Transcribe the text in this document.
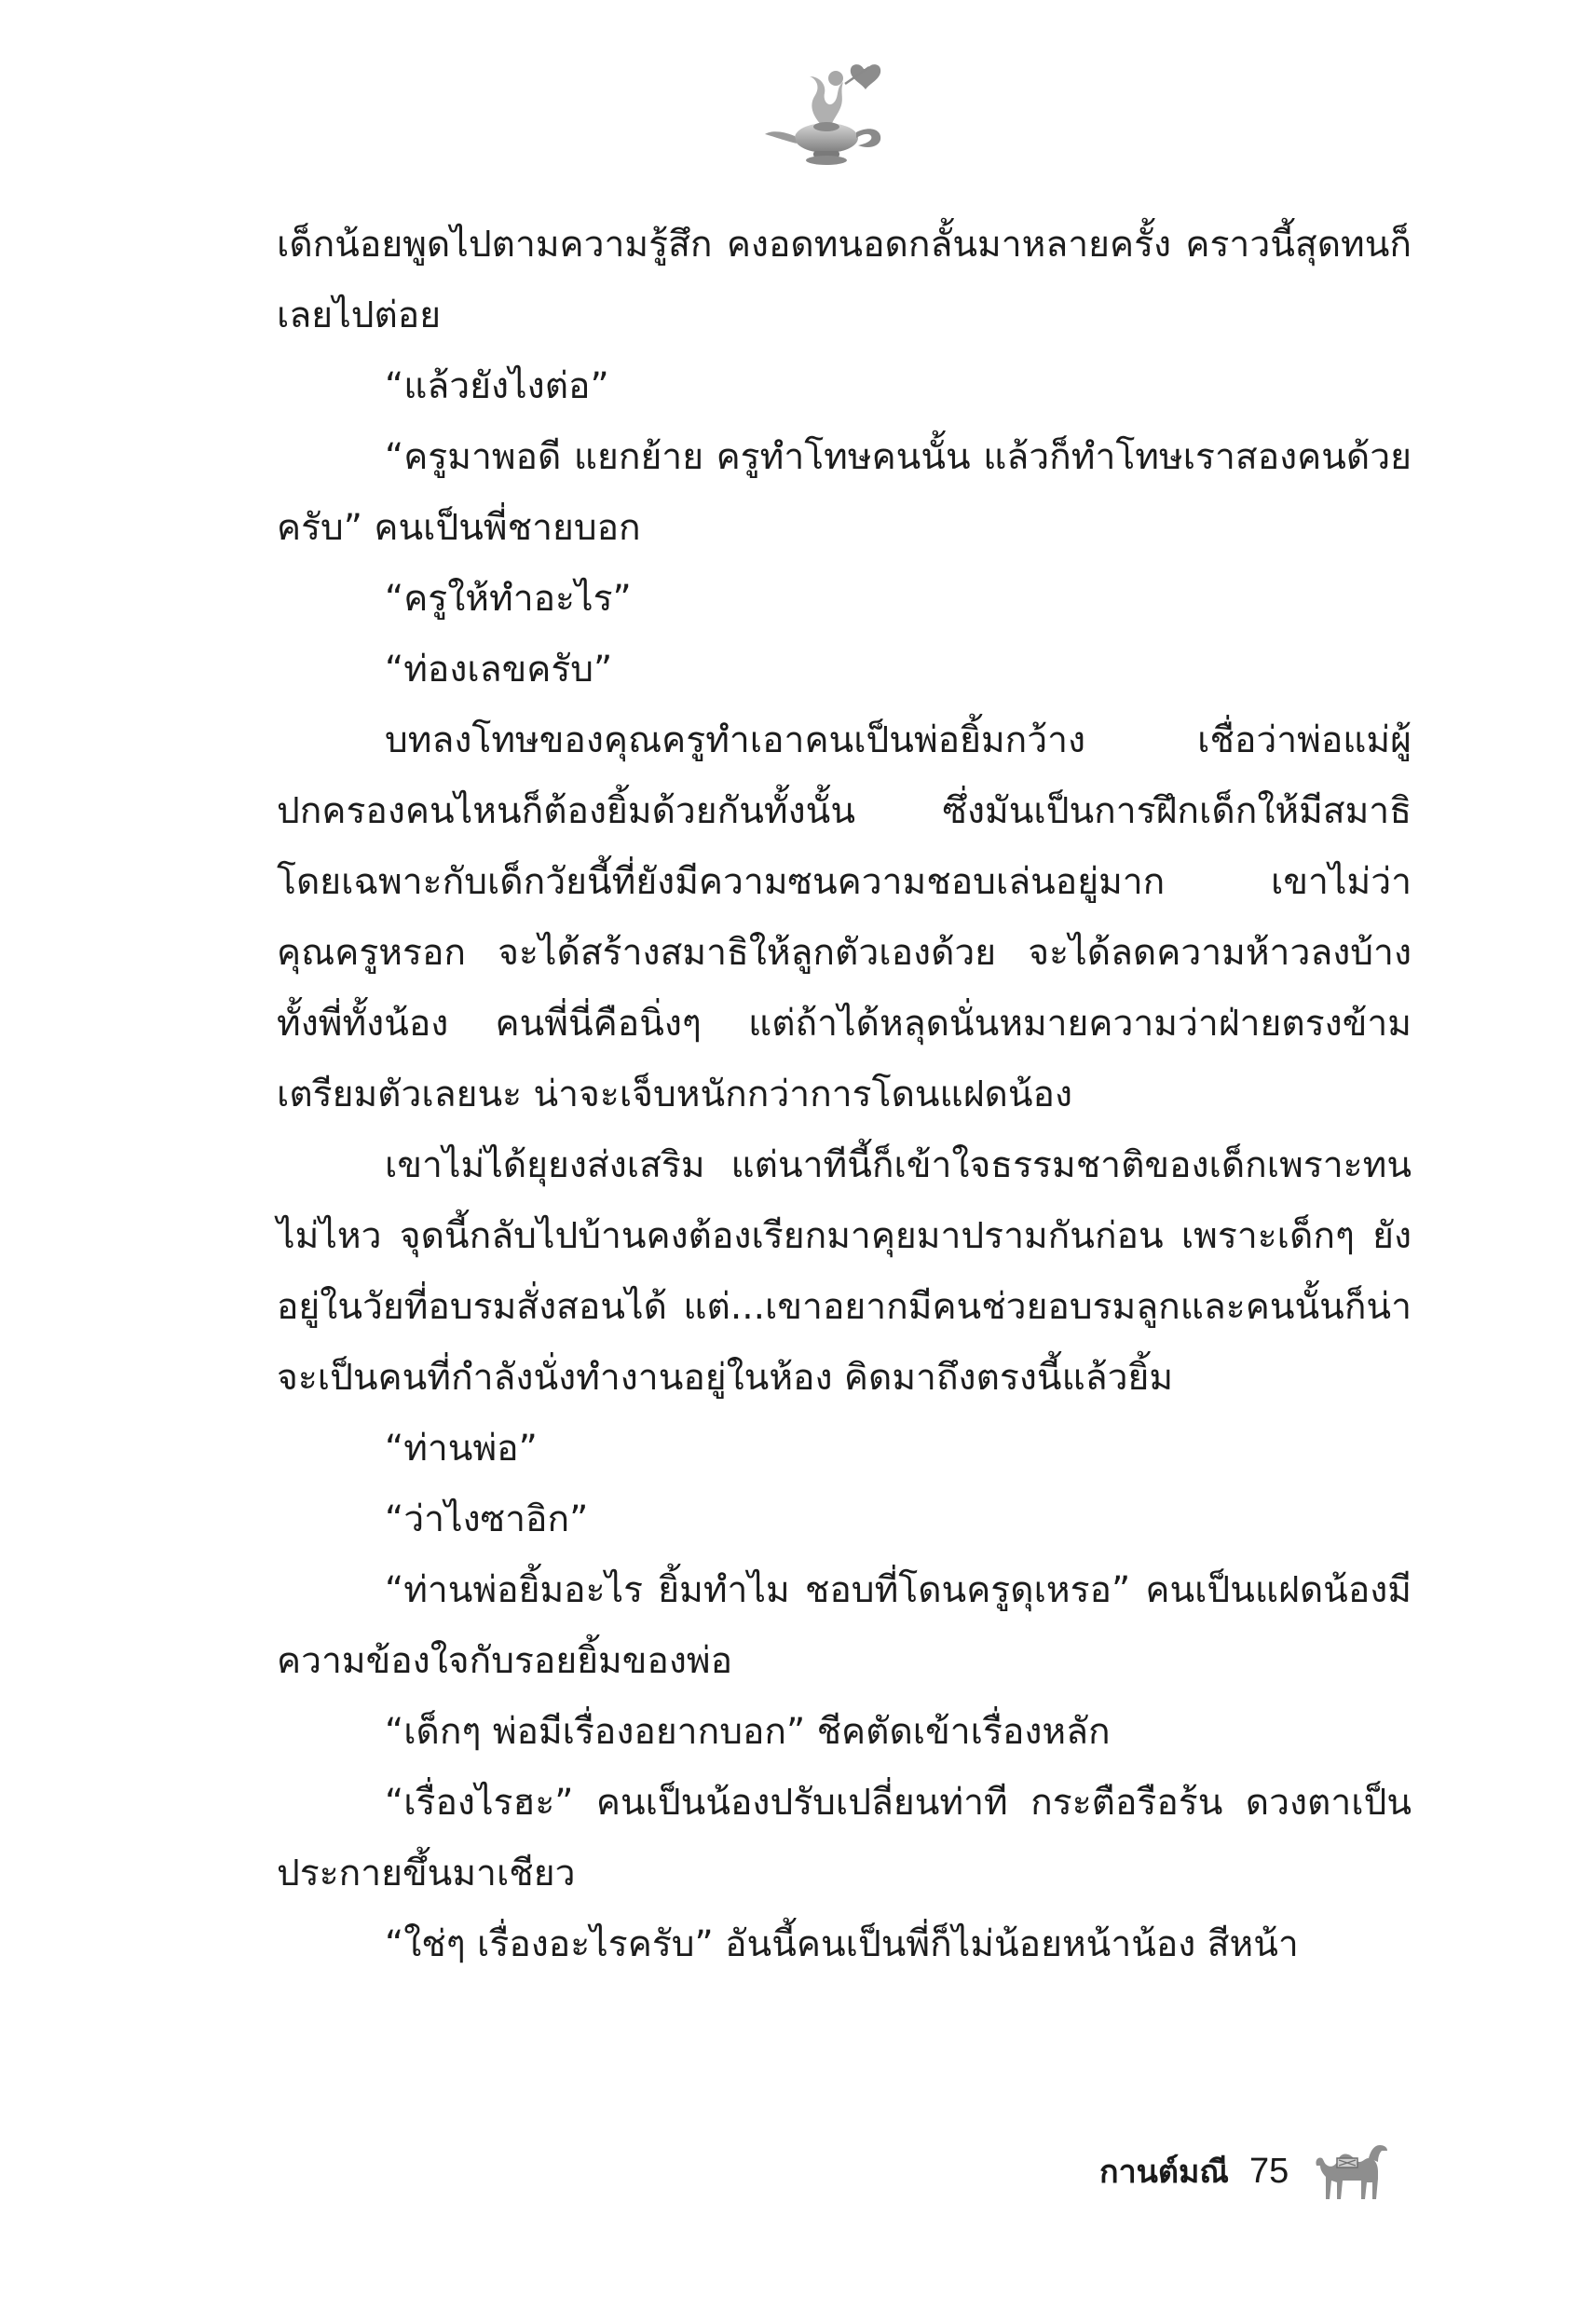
เด็กน้อยพูดไปตามความรู้สึก คงอดทนอดกลั้นมาหลายครั้ง คราวนี้สุดทนก็เลยไปต่อย

“แล้วยังไงต่อ”

“ครูมาพอดี แยกย้าย ครูทำโทษคนนั้น แล้วก็ทำโทษเราสองคนด้วยครับ” คนเป็นพี่ชายบอก

“ครูให้ทำอะไร”

“ท่องเลขครับ”

บทลงโทษของคุณครูทำเอาคนเป็นพ่อยิ้มกว้าง เชื่อว่าพ่อแม่ผู้ปกครองคนไหนก็ต้องยิ้มด้วยกันทั้งนั้น ซึ่งมันเป็นการฝึกเด็กให้มีสมาธิ โดยเฉพาะกับเด็กวัยนี้ที่ยังมีความซนความชอบเล่นอยู่มาก เขาไม่ว่าคุณครูหรอก จะได้สร้างสมาธิให้ลูกตัวเองด้วย จะได้ลดความห้าวลงบ้างทั้งพี่ทั้งน้อง คนพี่นี่คือนิ่งๆ แต่ถ้าได้หลุดนั่นหมายความว่าฝ่ายตรงข้ามเตรียมตัวเลยนะ น่าจะเจ็บหนักกว่าการโดนแฝดน้อง

เขาไม่ได้ยุยงส่งเสริม แต่นาทีนี้ก็เข้าใจธรรมชาติของเด็กเพราะทนไม่ไหว จุดนี้กลับไปบ้านคงต้องเรียกมาคุยมาปรามกันก่อน เพราะเด็กๆ ยังอยู่ในวัยที่อบรมสั่งสอนได้ แต่...เขาอยากมีคนช่วยอบรมลูกและคนนั้นก็น่าจะเป็นคนที่กำลังนั่งทำงานอยู่ในห้อง คิดมาถึงตรงนี้แล้วยิ้ม

“ท่านพ่อ”

“ว่าไงซาอิก”

“ท่านพ่อยิ้มอะไร ยิ้มทำไม ชอบที่โดนครูดุเหรอ” คนเป็นแฝดน้องมีความข้องใจกับรอยยิ้มของพ่อ

“เด็กๆ พ่อมีเรื่องอยากบอก” ชีคตัดเข้าเรื่องหลัก

“เรื่องไรฮะ” คนเป็นน้องปรับเปลี่ยนท่าที กระตือรือร้น ดวงตาเป็นประกายขึ้นมาเชียว

“ใช่ๆ เรื่องอะไรครับ” อันนี้คนเป็นพี่ก็ไม่น้อยหน้าน้อง สีหน้า

กานต์มณี 75
